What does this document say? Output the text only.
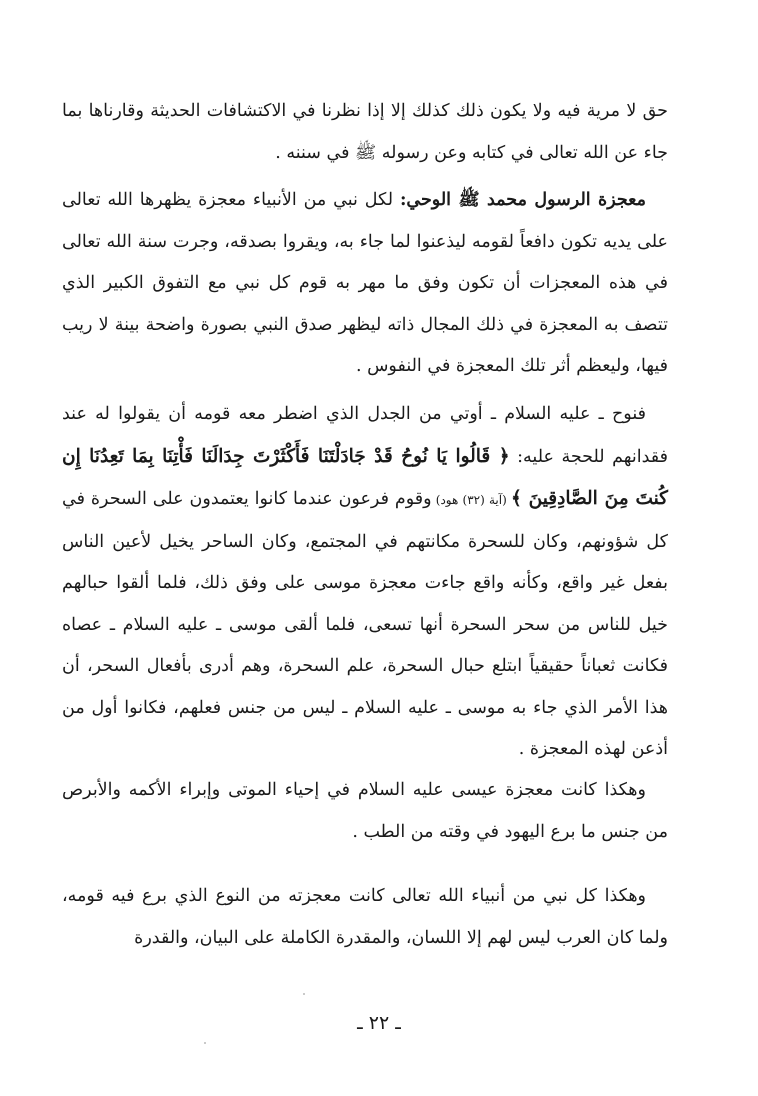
حق لا مرية فيه ولا يكون ذلك كذلك إلا إذا نظرنا في الاكتشافات الحديثة وقارناها بما جاء عن الله تعالى في كتابه وعن رسوله ﷺ في سننه .

معجزة الرسول محمد ﷺ الوحي: لكل نبي من الأنبياء معجزة يظهرها الله تعالى على يديه تكون دافعاً لقومه ليذعنوا لما جاء به، ويقروا بصدقه، وجرت سنة الله تعالى في هذه المعجزات أن تكون وفق ما مهر به قوم كل نبي مع التفوق الكبير الذي تتصف به المعجزة في ذلك المجال ذاته ليظهر صدق النبي بصورة واضحة بينة لا ريب فيها، وليعظم أثر تلك المعجزة في النفوس .

فنوح ـ عليه السلام ـ أوتي من الجدل الذي اضطر معه قومه أن يقولوا له عند فقدانهم للحجة عليه: ﴿ قَالُوا يَا نُوحُ قَدْ جَادَلْتَنَا فَأَكْثَرْتَ جِدَالَنَا فَأْتِنَا بِمَا تَعِدُنَا إِن كُنتَ مِنَ الصَّادِقِينَ ﴾ (آية (٣٢) هود) وقوم فرعون عندما كانوا يعتمدون على السحرة في كل شؤونهم، وكان للسحرة مكانتهم في المجتمع، وكان الساحر يخيل لأعين الناس بفعل غير واقع، وكأنه واقع جاءت معجزة موسى على وفق ذلك، فلما ألقوا حبالهم خيل للناس من سحر السحرة أنها تسعى، فلما ألقى موسى ـ عليه السلام ـ عصاه فكانت ثعباناً حقيقياً ابتلع حبال السحرة، علم السحرة، وهم أدرى بأفعال السحر، أن هذا الأمر الذي جاء به موسى ـ عليه السلام ـ ليس من جنس فعلهم، فكانوا أول من أذعن لهذه المعجزة .

وهكذا كانت معجزة عيسى عليه السلام في إحياء الموتى وإبراء الأكمه والأبرص من جنس ما برع اليهود في وقته من الطب .

وهكذا كل نبي من أنبياء الله تعالى كانت معجزته من النوع الذي برع فيه قومه، ولما كان العرب ليس لهم إلا اللسان، والمقدرة الكاملة على البيان، والقدرة

ـ ٢٢ ـ
